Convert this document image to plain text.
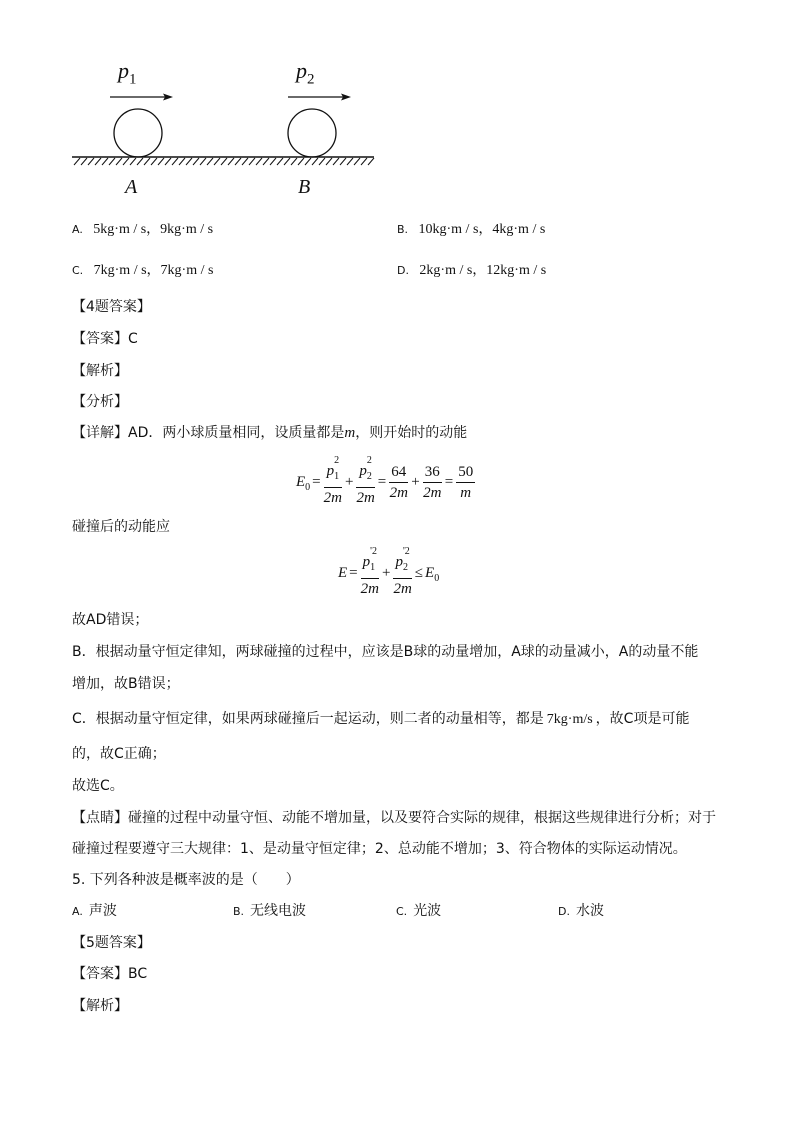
$p_1$	$p_2$
A	B
A. 5kg·m / s，9kg·m / s	B. 10kg·m / s，4kg·m / s
C. 7kg·m / s，7kg·m / s	D. 2kg·m / s，12kg·m / s
【4题答案】
【答案】C
【解析】
【分析】
【详解】AD．两小球质量相同，设质量都是m，则开始时的动能
$E_0 = \frac{p_1^2}{2m} + \frac{p_2^2}{2m} = \frac{64}{2m} + \frac{36}{2m} = \frac{50}{m}$
碰撞后的动能应
$E = \frac{p_1^{'2}}{2m} + \frac{p_2^{'2}}{2m} \le E_0$
故AD错误；
B．根据动量守恒定律知，两球碰撞的过程中，应该是B球的动量增加，A球的动量减小，A的动量不能
增加，故B错误；
C．根据动量守恒定律，如果两球碰撞后一起运动，则二者的动量相等，都是 7kg·m/s ，故C项是可能
的，故C正确；
故选C。
【点睛】碰撞的过程中动量守恒、动能不增加量，以及要符合实际的规律，根据这些规律进行分析；对于
碰撞过程要遵守三大规律：1、是动量守恒定律；2、总动能不增加；3、符合物体的实际运动情况。
5. 下列各种波是概率波的是（　　）
A. 声波	B. 无线电波	C. 光波	D. 水波
【5题答案】
【答案】BC
【解析】
